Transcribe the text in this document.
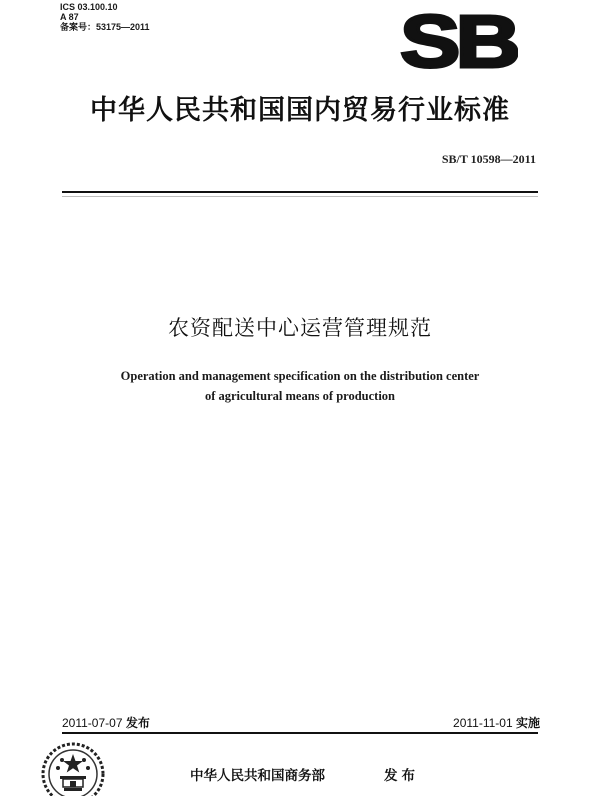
ICS 03.100.10
A 87
备案号：53175—2011	SB
中华人民共和国国内贸易行业标准
SB/T 10598—2011
农资配送中心运营管理规范
Operation and management specification on the distribution center
of agricultural means of production
2011-07-07 发布	2011-11-01 实施
中华人民共和国商务部	发布
